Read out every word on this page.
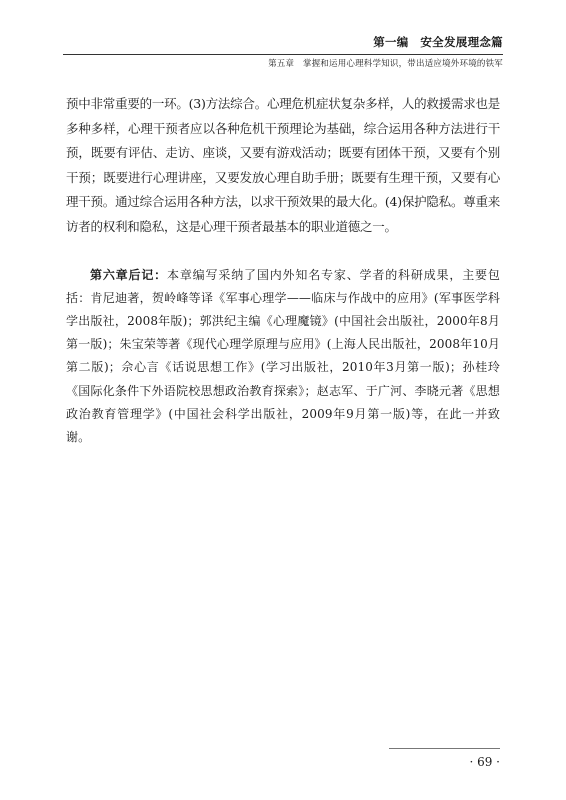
第一编　安全发展理念篇
第五章　掌握和运用心理科学知识，带出适应境外环境的铁军

预中非常重要的一环。(3)方法综合。心理危机症状复杂多样，人的救援需求也是多种多样，心理干预者应以各种危机干预理论为基础，综合运用各种方法进行干预，既要有评估、走访、座谈，又要有游戏活动；既要有团体干预，又要有个别干预；既要进行心理讲座，又要发放心理自助手册；既要有生理干预，又要有心理干预。通过综合运用各种方法，以求干预效果的最大化。(4)保护隐私。尊重来访者的权利和隐私，这是心理干预者最基本的职业道德之一。

第六章后记：本章编写采纳了国内外知名专家、学者的科研成果，主要包括：肯尼迪著，贺岭峰等译《军事心理学——临床与作战中的应用》(军事医学科学出版社，2008年版)；郭洪纪主编《心理魔镜》(中国社会出版社，2000年8月第一版)；朱宝荣等著《现代心理学原理与应用》(上海人民出版社，2008年10月第二版)；佘心言《话说思想工作》(学习出版社，2010年3月第一版)；孙桂玲《国际化条件下外语院校思想政治教育探索》；赵志军、于广河、李晓元著《思想政治教育管理学》(中国社会科学出版社，2009年9月第一版)等，在此一并致谢。

· 69 ·
